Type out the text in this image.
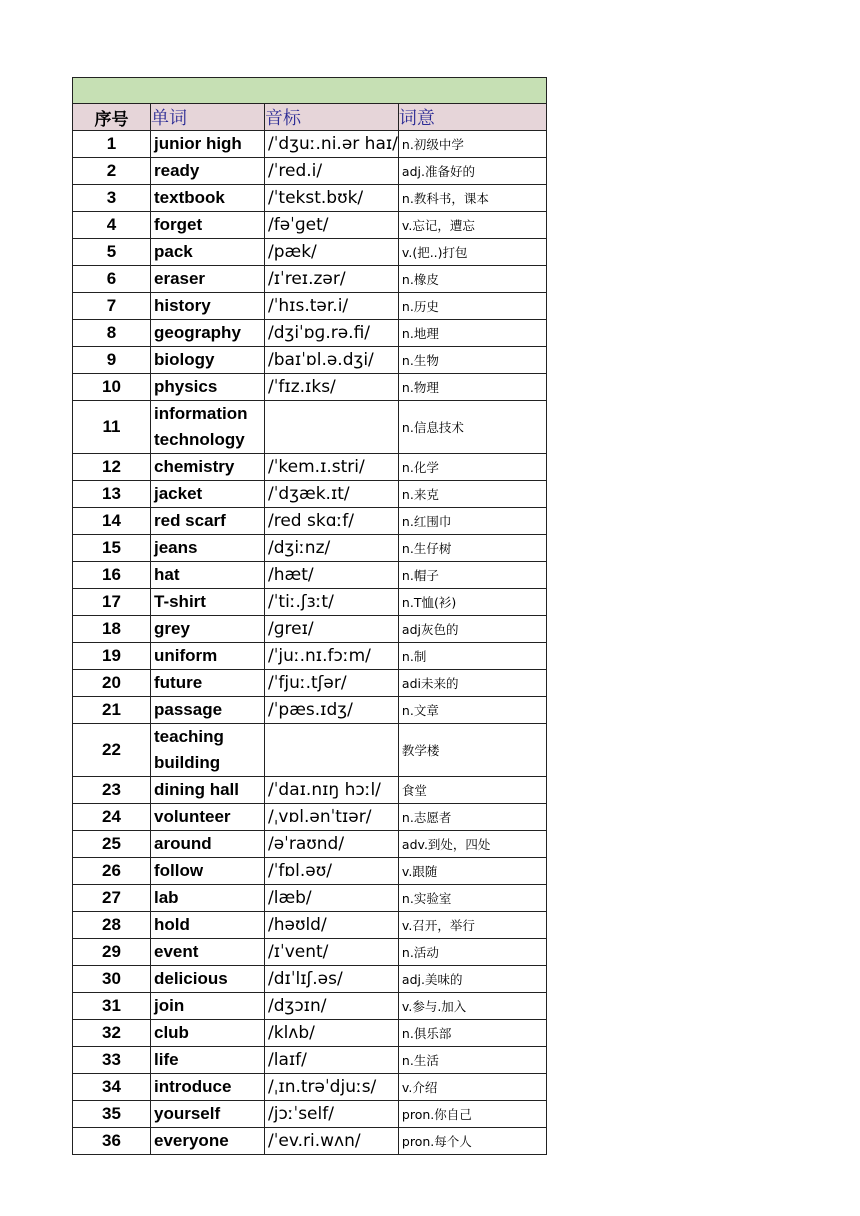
序号	单词	音标	词意
1	junior high	/ˈdʒuː.ni.ər haɪ/	n.初级中学
2	ready	/ˈred.i/	adj.准备好的
3	textbook	/ˈtekst.bʊk/	n.教科书，课本
4	forget	/fəˈɡet/	v.忘记，遭忘
5	pack	/pæk/	v.(把..)打包
6	eraser	/ɪˈreɪ.zər/	n.橡皮
7	history	/ˈhɪs.tər.i/	n.历史
8	geography	/dʒiˈɒɡ.rə.fi/	n.地理
9	biology	/baɪˈɒl.ə.dʒi/	n.生物
10	physics	/ˈfɪz.ɪks/	n.物理
11	information technology		n.信息技术
12	chemistry	/ˈkem.ɪ.stri/	n.化学
13	jacket	/ˈdʒæk.ɪt/	n.来克
14	red scarf	/red skɑːf/	n.红围巾
15	jeans	/dʒiːnz/	n.生仔树
16	hat	/hæt/	n.帽子
17	T-shirt	/ˈtiː.ʃɜːt/	n.T恤(衫)
18	grey	/ɡreɪ/	adj灰色的
19	uniform	/ˈjuː.nɪ.fɔːm/	n.制
20	future	/ˈfjuː.tʃər/	adi未来的
21	passage	/ˈpæs.ɪdʒ/	n.文章
22	teaching building		教学楼
23	dining hall	/ˈdaɪ.nɪŋ hɔːl/	食堂
24	volunteer	/ˌvɒl.ənˈtɪər/	n.志愿者
25	around	/əˈraʊnd/	adv.到处，四处
26	follow	/ˈfɒl.əʊ/	v.跟随
27	lab	/læb/	n.实验室
28	hold	/həʊld/	v.召开，举行
29	event	/ɪˈvent/	n.活动
30	delicious	/dɪˈlɪʃ.əs/	adj.美味的
31	join	/dʒɔɪn/	v.参与.加入
32	club	/klʌb/	n.俱乐部
33	life	/laɪf/	n.生活
34	introduce	/ˌɪn.trəˈdjuːs/	v.介绍
35	yourself	/jɔːˈself/	pron.你自己
36	everyone	/ˈev.ri.wʌn/	pron.每个人
